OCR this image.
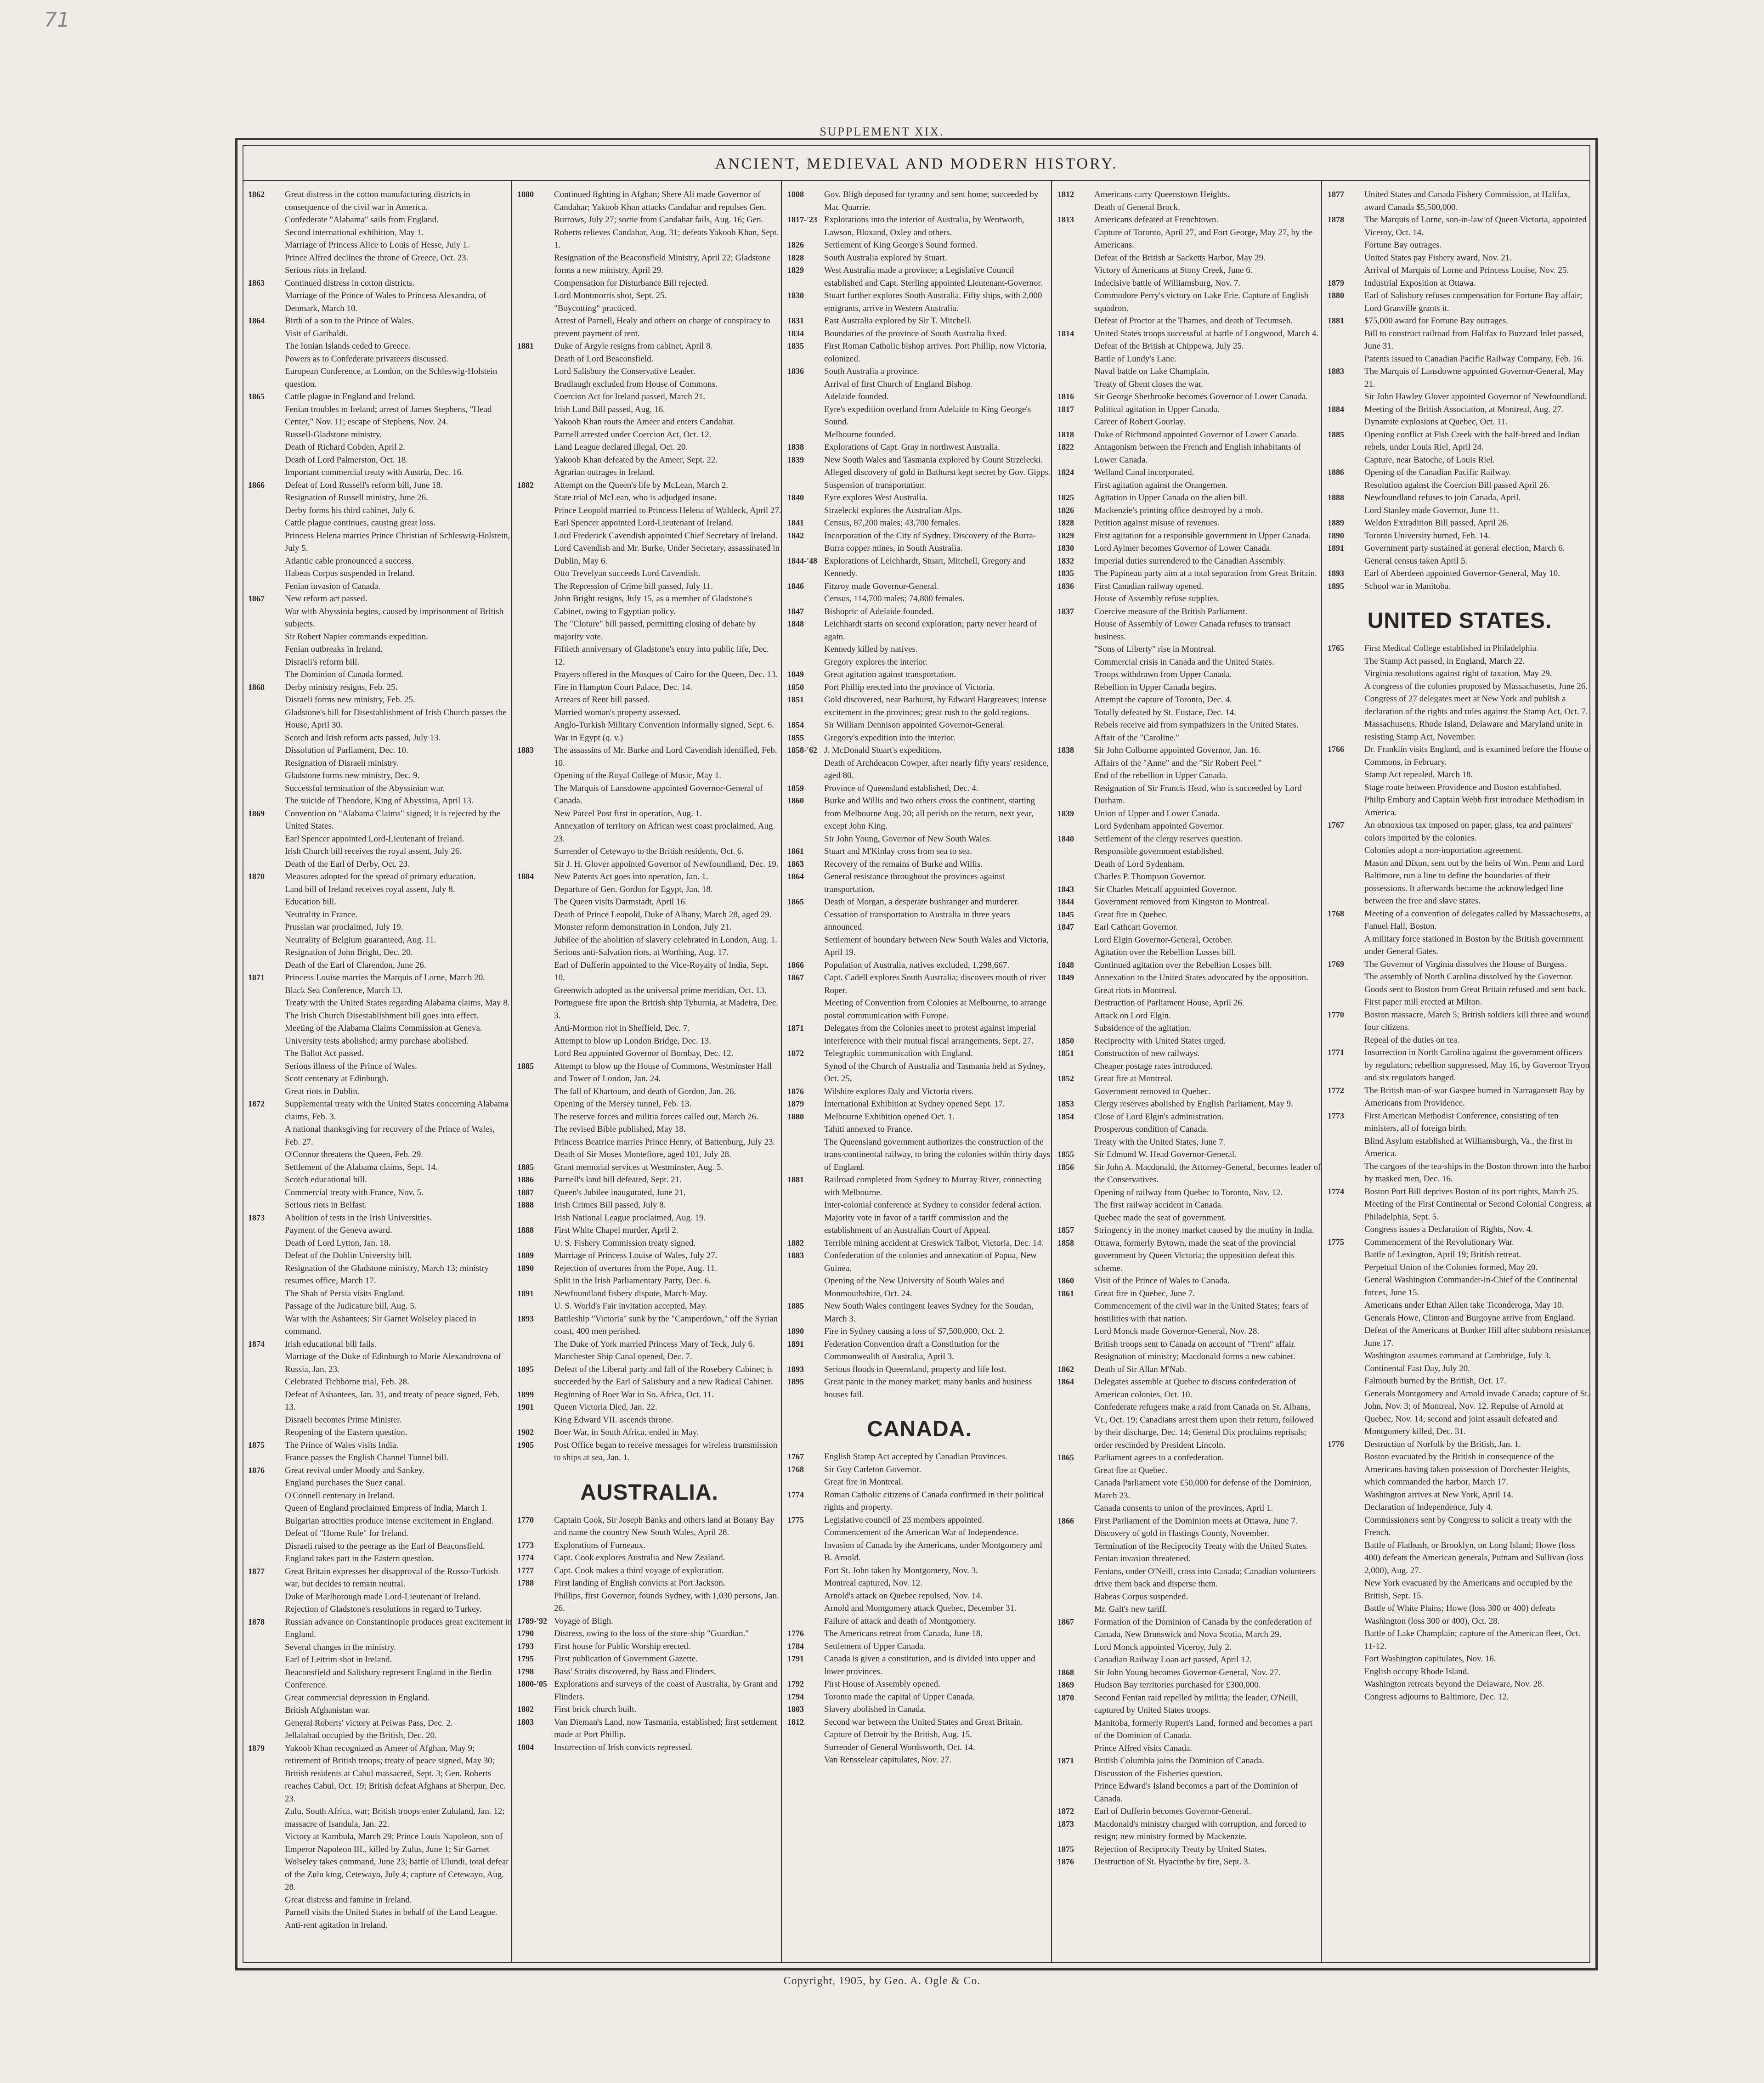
71
SUPPLEMENT XIX.
ANCIENT, MEDIEVAL AND MODERN HISTORY.
1862	Great distress in the cotton manufacturing districts in consequence of the civil war in America.
Confederate "Alabama" sails from England.
Second international exhibition, May 1.
Marriage of Princess Alice to Louis of Hesse, July 1.
Prince Alfred declines the throne of Greece, Oct. 23.
Serious riots in Ireland.
1863	Continued distress in cotton districts.
Marriage of the Prince of Wales to Princess Alexandra, of Denmark, March 10.
1864	Birth of a son to the Prince of Wales.
Visit of Garibaldi.
The Ionian Islands ceded to Greece.
Powers as to Confederate privateers discussed.
European Conference, at London, on the Schleswig-Holstein question.
1865	Cattle plague in England and Ireland.
Fenian troubles in Ireland; arrest of James Stephens, "Head Center," Nov. 11; escape of Stephens, Nov. 24.
Russell-Gladstone ministry.
Death of Richard Cobden, April 2.
Death of Lord Palmerston, Oct. 18.
Important commercial treaty with Austria, Dec. 16.
1866	Defeat of Lord Russell's reform bill, June 18.
Resignation of Russell ministry, June 26.
Derby forms his third cabinet, July 6.
Cattle plague continues, causing great loss.
Princess Helena marries Prince Christian of Schleswig-Holstein, July 5.
Atlantic cable pronounced a success.
Habeas Corpus suspended in Ireland.
Fenian invasion of Canada.
1867	New reform act passed.
War with Abyssinia begins, caused by imprisonment of British subjects.
Sir Robert Napier commands expedition.
Fenian outbreaks in Ireland.
Disraeli's reform bill.
The Dominion of Canada formed.
1868	Derby ministry resigns, Feb. 25.
Disraeli forms new ministry, Feb. 25.
Gladstone's bill for Disestablishment of Irish Church passes the House, April 30.
Scotch and Irish reform acts passed, July 13.
Dissolution of Parliament, Dec. 10.
Resignation of Disraeli ministry.
Gladstone forms new ministry, Dec. 9.
Successful termination of the Abyssinian war.
The suicide of Theodore, King of Abyssinia, April 13.
1869	Convention on "Alabama Claims" signed; it is rejected by the United States.
Earl Spencer appointed Lord-Lieutenant of Ireland.
Irish Church bill receives the royal assent, July 26.
Death of the Earl of Derby, Oct. 23.
1870	Measures adopted for the spread of primary education.
Land bill of Ireland receives royal assent, July 8.
Education bill.
Neutrality in France.
Prussian war proclaimed, July 19.
Neutrality of Belgium guaranteed, Aug. 11.
Resignation of John Bright, Dec. 20.
Death of the Earl of Clarendon, June 26.
1871	Princess Louise marries the Marquis of Lorne, March 20.
Black Sea Conference, March 13.
Treaty with the United States regarding Alabama claims, May 8.
The Irish Church Disestablishment bill goes into effect.
Meeting of the Alabama Claims Commission at Geneva.
University tests abolished; army purchase abolished.
The Ballot Act passed.
Serious illness of the Prince of Wales.
Scott centenary at Edinburgh.
Great riots in Dublin.
1872	Supplemental treaty with the United States concerning Alabama claims, Feb. 3.
A national thanksgiving for recovery of the Prince of Wales, Feb. 27.
O'Connor threatens the Queen, Feb. 29.
Settlement of the Alabama claims, Sept. 14.
Scotch educational bill.
Commercial treaty with France, Nov. 5.
Serious riots in Belfast.
1873	Abolition of tests in the Irish Universities.
Payment of the Geneva award.
Death of Lord Lytton, Jan. 18.
Defeat of the Dublin University bill.
Resignation of the Gladstone ministry, March 13; ministry resumes office, March 17.
The Shah of Persia visits England.
Passage of the Judicature bill, Aug. 5.
War with the Ashantees; Sir Garnet Wolseley placed in command.
1874	Irish educational bill fails.
Marriage of the Duke of Edinburgh to Marie Alexandrovna of Russia, Jan. 23.
Celebrated Tichborne trial, Feb. 28.
Defeat of Ashantees, Jan. 31, and treaty of peace signed, Feb. 13.
Disraeli becomes Prime Minister.
Reopening of the Eastern question.
1875	The Prince of Wales visits India.
France passes the English Channel Tunnel bill.
1876	Great revival under Moody and Sankey.
England purchases the Suez canal.
O'Connell centenary in Ireland.
Queen of England proclaimed Empress of India, March 1.
Bulgarian atrocities produce intense excitement in England.
Defeat of "Home Rule" for Ireland.
Disraeli raised to the peerage as the Earl of Beaconsfield.
England takes part in the Eastern question.
1877	Great Britain expresses her disapproval of the Russo-Turkish war, but decides to remain neutral.
Duke of Marlborough made Lord-Lieutenant of Ireland.
Rejection of Gladstone's resolutions in regard to Turkey.
1878	Russian advance on Constantinople produces great excitement in England.
Several changes in the ministry.
Earl of Leitrim shot in Ireland.
Beaconsfield and Salisbury represent England in the Berlin Conference.
Great commercial depression in England.
British Afghanistan war.
General Roberts' victory at Peiwas Pass, Dec. 2.
Jellalabad occupied by the British, Dec. 20.
1879	Yakoob Khan recognized as Ameer of Afghan, May 9; retirement of British troops; treaty of peace signed, May 30; British residents at Cabul massacred, Sept. 3; Gen. Roberts reaches Cabul, Oct. 19; British defeat Afghans at Sherpur, Dec. 23.
Zulu, South Africa, war; British troops enter Zululand, Jan. 12; massacre of Isandula, Jan. 22.
Victory at Kambula, March 29; Prince Louis Napoleon, son of Emperor Napoleon III., killed by Zulus, June 1; Sir Garnet Wolseley takes command, June 23; battle of Ulundi, total defeat of the Zulu king, Cetewayo, July 4; capture of Cetewayo, Aug. 28.
Great distress and famine in Ireland.
Parnell visits the United States in behalf of the Land League.
Anti-rent agitation in Ireland.
1880	Continued fighting in Afghan; Shere Ali made Governor of Candahar; Yakoob Khan attacks Candahar and repulses Gen. Burrows, July 27; sortie from Candahar fails, Aug. 16; Gen. Roberts relieves Candahar, Aug. 31; defeats Yakoob Khan, Sept. 1.
Resignation of the Beaconsfield Ministry, April 22; Gladstone forms a new ministry, April 29.
Compensation for Disturbance Bill rejected.
Lord Montmorris shot, Sept. 25.
"Boycotting" practiced.
Arrest of Parnell, Healy and others on charge of conspiracy to prevent payment of rent.
1881	Duke of Argyle resigns from cabinet, April 8.
Death of Lord Beaconsfield.
Lord Salisbury the Conservative Leader.
Bradlaugh excluded from House of Commons.
Coercion Act for Ireland passed, March 21.
Irish Land Bill passed, Aug. 16.
Yakoob Khan routs the Ameer and enters Candahar.
Parnell arrested under Coercion Act, Oct. 12.
Land League declared illegal, Oct. 20.
Yakoob Khan defeated by the Ameer, Sept. 22.
Agrarian outrages in Ireland.
1882	Attempt on the Queen's life by McLean, March 2.
State trial of McLean, who is adjudged insane.
Prince Leopold married to Princess Helena of Waldeck, April 27.
Earl Spencer appointed Lord-Lieutenant of Ireland.
Lord Frederick Cavendish appointed Chief Secretary of Ireland.
Lord Cavendish and Mr. Burke, Under Secretary, assassinated in Dublin, May 6.
Otto Trevelyan succeeds Lord Cavendish.
The Repression of Crime bill passed, July 11.
John Bright resigns, July 15, as a member of Gladstone's Cabinet, owing to Egyptian policy.
The "Cloture" bill passed, permitting closing of debate by majority vote.
Fiftieth anniversary of Gladstone's entry into public life, Dec. 12.
Prayers offered in the Mosques of Cairo for the Queen, Dec. 13.
Fire in Hampton Court Palace, Dec. 14.
Arrears of Rent bill passed.
Married woman's property assessed.
Anglo-Turkish Military Convention informally signed, Sept. 6.
War in Egypt (q. v.)
1883	The assassins of Mr. Burke and Lord Cavendish identified, Feb. 10.
Opening of the Royal College of Music, May 1.
The Marquis of Lansdowne appointed Governor-General of Canada.
New Parcel Post first in operation, Aug. 1.
Annexation of territory on African west coast proclaimed, Aug. 23.
Surrender of Cetewayo to the British residents, Oct. 6.
Sir J. H. Glover appointed Governor of Newfoundland, Dec. 19.
1884	New Patents Act goes into operation, Jan. 1.
Departure of Gen. Gordon for Egypt, Jan. 18.
The Queen visits Darmstadt, April 16.
Death of Prince Leopold, Duke of Albany, March 28, aged 29.
Monster reform demonstration in London, July 21.
Jubilee of the abolition of slavery celebrated in London, Aug. 1.
Serious anti-Salvation riots, at Worthing, Aug. 17.
Earl of Dufferin appointed to the Vice-Royalty of India, Sept. 10.
Greenwich adopted as the universal prime meridian, Oct. 13.
Portuguese fire upon the British ship Tyburnia, at Madeira, Dec. 3.
Anti-Mormon riot in Sheffield, Dec. 7.
Attempt to blow up London Bridge, Dec. 13.
Lord Rea appointed Governor of Bombay, Dec. 12.
1885	Attempt to blow up the House of Commons, Westminster Hall and Tower of London, Jan. 24.
The fall of Khartoum, and death of Gordon, Jan. 26.
Opening of the Mersey tunnel, Feb. 13.
The reserve forces and militia forces called out, March 26.
The revised Bible published, May 18.
Princess Beatrice marries Prince Henry, of Battenburg, July 23.
Death of Sir Moses Montefiore, aged 101, July 28.
1885	Grant memorial services at Westminster, Aug. 5.
1886	Parnell's land bill defeated, Sept. 21.
1887	Queen's Jubilee inaugurated, June 21.
1888	Irish Crimes Bill passed, July 8.
Irish National League proclaimed, Aug. 19.
1888	First White Chapel murder, April 2.
U. S. Fishery Commission treaty signed.
1889	Marriage of Princess Louise of Wales, July 27.
1890	Rejection of overtures from the Pope, Aug. 11.
Split in the Irish Parliamentary Party, Dec. 6.
1891	Newfoundland fishery dispute, March-May.
U. S. World's Fair invitation accepted, May.
1893	Battleship "Victoria" sunk by the "Camperdown," off the Syrian coast, 400 men perished.
The Duke of York married Princess Mary of Teck, July 6.
Manchester Ship Canal opened, Dec. 7.
1895	Defeat of the Liberal party and fall of the Rosebery Cabinet; is succeeded by the Earl of Salisbury and a new Radical Cabinet.
1899	Beginning of Boer War in So. Africa, Oct. 11.
1901	Queen Victoria Died, Jan. 22.
King Edward VII. ascends throne.
1902	Boer War, in South Africa, ended in May.
1905	Post Office began to receive messages for wireless transmission to ships at sea, Jan. 1.
AUSTRALIA.
1770	Captain Cook, Sir Joseph Banks and others land at Botany Bay and name the country New South Wales, April 28.
1773	Explorations of Furneaux.
1774	Capt. Cook explores Australia and New Zealand.
1777	Capt. Cook makes a third voyage of exploration.
1788	First landing of English convicts at Port Jackson.
Phillips, first Governor, founds Sydney, with 1,030 persons, Jan. 26.
1789-'92 Voyage of Bligh.
1790	Distress, owing to the loss of the store-ship "Guardian."
1793	First house for Public Worship erected.
1795	First publication of Government Gazette.
1798	Bass' Straits discovered, by Bass and Flinders.
1800-'05 Explorations and surveys of the coast of Australia, by Grant and Flinders.
1802	First brick church built.
1803	Van Dieman's Land, now Tasmania, established; first settlement made at Port Phillip.
1804	Insurrection of Irish convicts repressed.
1808	Gov. Bligh deposed for tyranny and sent home; succeeded by Mac Quarrie.
1817-'23 Explorations into the interior of Australia, by Wentworth, Lawson, Bloxand, Oxley and others.
1826	Settlement of King George's Sound formed.
1828	South Australia explored by Stuart.
1829	West Australia made a province; a Legislative Council established and Capt. Sterling appointed Lieutenant-Governor.
1830	Stuart further explores South Australia. Fifty ships, with 2,000 emigrants, arrive in Western Australia.
1831	East Australia explored by Sir T. Mitchell.
1834	Boundaries of the province of South Australia fixed.
1835	First Roman Catholic bishop arrives. Port Phillip, now Victoria, colonized.
1836	South Australia a province.
Arrival of first Church of England Bishop.
Adelaide founded.
Eyre's expedition overland from Adelaide to King George's Sound.
Melbourne founded.
1838	Explorations of Capt. Gray in northwest Australia.
1839	New South Wales and Tasmania explored by Count Strzelecki.
Alleged discovery of gold in Bathurst kept secret by Gov. Gipps.
Suspension of transportation.
1840	Eyre explores West Australia.
Strzelecki explores the Australian Alps.
1841	Census, 87,200 males; 43,700 females.
1842	Incorporation of the City of Sydney. Discovery of the Burra-Burra copper mines, in South Australia.
1844-'48 Explorations of Leichhardt, Stuart, Mitchell, Gregory and Kennedy.
1846	Fitzroy made Governor-General.
Census, 114,700 males; 74,800 females.
1847	Bishopric of Adelaide founded.
1848	Leichhardt starts on second exploration; party never heard of again.
Kennedy killed by natives.
Gregory explores the interior.
1849	Great agitation against transportation.
1850	Port Phillip erected into the province of Victoria.
1851	Gold discovered, near Bathurst, by Edward Hargreaves; intense excitement in the provinces; great rush to the gold regions.
1854	Sir William Dennison appointed Governor-General.
1855	Gregory's expedition into the interior.
1858-'62 J. McDonald Stuart's expeditions.
Death of Archdeacon Cowper, after nearly fifty years' residence, aged 80.
1859	Province of Queensland established, Dec. 4.
1860	Burke and Willis and two others cross the continent, starting from Melbourne Aug. 20; all perish on the return, next year, except John King.
Sir John Young, Governor of New South Wales.
1861	Stuart and M'Kinlay cross from sea to sea.
1863	Recovery of the remains of Burke and Willis.
1864	General resistance throughout the provinces against transportation.
1865	Death of Morgan, a desperate bushranger and murderer.
Cessation of transportation to Australia in three years announced.
Settlement of boundary between New South Wales and Victoria, April 19.
1866	Population of Australia, natives excluded, 1,298,667.
1867	Capt. Cadell explores South Australia; discovers mouth of river Roper.
Meeting of Convention from Colonies at Melbourne, to arrange postal communication with Europe.
1871	Delegates from the Colonies meet to protest against imperial interference with their mutual fiscal arrangements, Sept. 27.
1872	Telegraphic communication with England.
Synod of the Church of Australia and Tasmania held at Sydney, Oct. 25.
1876	Wilshire explores Daly and Victoria rivers.
1879	International Exhibition at Sydney opened Sept. 17.
1880	Melbourne Exhibition opened Oct. 1.
Tahiti annexed to France.
The Queensland government authorizes the construction of the trans-continental railway, to bring the colonies within thirty days of England.
1881	Railroad completed from Sydney to Murray River, connecting with Melbourne.
Inter-colonial conference at Sydney to consider federal action.
Majority vote in favor of a tariff commission and the establishment of an Australian Court of Appeal.
1882	Terrible mining accident at Creswick Talbot, Victoria, Dec. 14.
1883	Confederation of the colonies and annexation of Papua, New Guinea.
Opening of the New University of South Wales and Monmouthshire, Oct. 24.
1885	New South Wales contingent leaves Sydney for the Soudan, March 3.
1890	Fire in Sydney causing a loss of $7,500,000, Oct. 2.
1891	Federation Convention draft a Constitution for the Commonwealth of Australia, April 3.
1893	Serious floods in Queensland, property and life lost.
1895	Great panic in the money market; many banks and business houses fail.
CANADA.
1767	English Stamp Act accepted by Canadian Provinces.
1768	Sir Guy Carleton Governor.
Great fire in Montreal.
1774	Roman Catholic citizens of Canada confirmed in their political rights and property.
1775	Legislative council of 23 members appointed.
Commencement of the American War of Independence.
Invasion of Canada by the Americans, under Montgomery and B. Arnold.
Fort St. John taken by Montgomery, Nov. 3.
Montreal captured, Nov. 12.
Arnold's attack on Quebec repulsed, Nov. 14.
Arnold and Montgomery attack Quebec, December 31.
Failure of attack and death of Montgomery.
1776	The Americans retreat from Canada, June 18.
1784	Settlement of Upper Canada.
1791	Canada is given a constitution, and is divided into upper and lower provinces.
1792	First House of Assembly opened.
1794	Toronto made the capital of Upper Canada.
1803	Slavery abolished in Canada.
1812	Second war between the United States and Great Britain.
Capture of Detroit by the British, Aug. 15.
Surrender of General Wordsworth, Oct. 14.
Van Rensselear capitulates, Nov. 27.
1812	Americans carry Queenstown Heights.
Death of General Brock.
1813	Americans defeated at Frenchtown.
Capture of Toronto, April 27, and Fort George, May 27, by the Americans.
Defeat of the British at Sacketts Harbor, May 29.
Victory of Americans at Stony Creek, June 6.
Indecisive battle of Williamsburg, Nov. 7.
Commodore Perry's victory on Lake Erie. Capture of English squadron.
Defeat of Proctor at the Thames, and death of Tecumseh.
1814	United States troops successful at battle of Longwood, March 4.
Defeat of the British at Chippewa, July 25.
Battle of Lundy's Lane.
Naval battle on Lake Champlain.
Treaty of Ghent closes the war.
1816	Sir George Sherbrooke becomes Governor of Lower Canada.
1817	Political agitation in Upper Canada.
Career of Robert Gourlay.
1818	Duke of Richmond appointed Governor of Lower Canada.
1822	Antagonism between the French and English inhabitants of Lower Canada.
1824	Welland Canal incorporated.
First agitation against the Orangemen.
1825	Agitation in Upper Canada on the alien bill.
1826	Mackenzie's printing office destroyed by a mob.
1828	Petition against misuse of revenues.
1829	First agitation for a responsible government in Upper Canada.
1830	Lord Aylmer becomes Governor of Lower Canada.
1832	Imperial duties surrendered to the Canadian Assembly.
1835	The Papineau party aim at a total separation from Great Britain.
1836	First Canadian railway opened.
House of Assembly refuse supplies.
1837	Coercive measure of the British Parliament.
House of Assembly of Lower Canada refuses to transact business.
"Sons of Liberty" rise in Montreal.
Commercial crisis in Canada and the United States.
Troops withdrawn from Upper Canada.
Rebellion in Upper Canada begins.
Attempt the capture of Toronto, Dec. 4.
Totally defeated by St. Eustace, Dec. 14.
Rebels receive aid from sympathizers in the United States.
Affair of the "Caroline."
1838	Sir John Colborne appointed Governor, Jan. 16.
Affairs of the "Anne" and the "Sir Robert Peel."
End of the rebellion in Upper Canada.
Resignation of Sir Francis Head, who is succeeded by Lord Durham.
1839	Union of Upper and Lower Canada.
Lord Sydenham appointed Governor.
1840	Settlement of the clergy reserves question.
Responsible government established.
Death of Lord Sydenham.
Charles P. Thompson Governor.
1843	Sir Charles Metcalf appointed Governor.
1844	Government removed from Kingston to Montreal.
1845	Great fire in Quebec.
1847	Earl Cathcart Governor.
Lord Elgin Governor-General, October.
Agitation over the Rebellion Losses bill.
1848	Continued agitation over the Rebellion Losses bill.
1849	Annexation to the United States advocated by the opposition.
Great riots in Montreal.
Destruction of Parliament House, April 26.
Attack on Lord Elgin.
Subsidence of the agitation.
1850	Reciprocity with United States urged.
1851	Construction of new railways.
Cheaper postage rates introduced.
1852	Great fire at Montreal.
Government removed to Quebec.
1853	Clergy reserves abolished by English Parliament, May 9.
1854	Close of Lord Elgin's administration.
Prosperous condition of Canada.
Treaty with the United States, June 7.
1855	Sir Edmund W. Head Governor-General.
1856	Sir John A. Macdonald, the Attorney-General, becomes leader of the Conservatives.
Opening of railway from Quebec to Toronto, Nov. 12.
The first railway accident in Canada.
Quebec made the seat of government.
1857	Stringency in the money market caused by the mutiny in India.
1858	Ottawa, formerly Bytown, made the seat of the provincial government by Queen Victoria; the opposition defeat this scheme.
1860	Visit of the Prince of Wales to Canada.
1861	Great fire in Quebec, June 7.
Commencement of the civil war in the United States; fears of hostilities with that nation.
Lord Monck made Governor-General, Nov. 28.
British troops sent to Canada on account of "Trent" affair.
Resignation of ministry; Macdonald forms a new cabinet.
1862	Death of Sir Allan M'Nab.
1864	Delegates assemble at Quebec to discuss confederation of American colonies, Oct. 10.
Confederate refugees make a raid from Canada on St. Albans, Vt., Oct. 19; Canadians arrest them upon their return, followed by their discharge, Dec. 14; General Dix proclaims reprisals; order rescinded by President Lincoln.
1865	Parliament agrees to a confederation.
Great fire at Quebec.
Canada Parliament vote £50,000 for defense of the Dominion, March 23.
Canada consents to union of the provinces, April 1.
1866	First Parliament of the Dominion meets at Ottawa, June 7.
Discovery of gold in Hastings County, November.
Termination of the Reciprocity Treaty with the United States.
Fenian invasion threatened.
Fenians, under O'Neill, cross into Canada; Canadian volunteers drive them back and disperse them.
Habeas Corpus suspended.
Mr. Galt's new tariff.
1867	Formation of the Dominion of Canada by the confederation of Canada, New Brunswick and Nova Scotia, March 29.
Lord Monck appointed Viceroy, July 2.
Canadian Railway Loan act passed, April 12.
1868	Sir John Young becomes Governor-General, Nov. 27.
1869	Hudson Bay territories purchased for £300,000.
1870	Second Fenian raid repelled by militia; the leader, O'Neill, captured by United States troops.
Manitoba, formerly Rupert's Land, formed and becomes a part of the Dominion of Canada.
Prince Alfred visits Canada.
1871	British Columbia joins the Dominion of Canada.
Discussion of the Fisheries question.
Prince Edward's Island becomes a part of the Dominion of Canada.
1872	Earl of Dufferin becomes Governor-General.
1873	Macdonald's ministry charged with corruption, and forced to resign; new ministry formed by Mackenzie.
1875	Rejection of Reciprocity Treaty by United States.
1876	Destruction of St. Hyacinthe by fire, Sept. 3.
1877	United States and Canada Fishery Commission, at Halifax, award Canada $5,500,000.
1878	The Marquis of Lorne, son-in-law of Queen Victoria, appointed Viceroy, Oct. 14.
Fortune Bay outrages.
United States pay Fishery award, Nov. 21.
Arrival of Marquis of Lorne and Princess Louise, Nov. 25.
1879	Industrial Exposition at Ottawa.
1880	Earl of Salisbury refuses compensation for Fortune Bay affair; Lord Granville grants it.
1881	$75,000 award for Fortune Bay outrages.
Bill to construct railroad from Halifax to Buzzard Inlet passed, June 31.
Patents issued to Canadian Pacific Railway Company, Feb. 16.
1883	The Marquis of Lansdowne appointed Governor-General, May 21.
Sir John Hawley Glover appointed Governor of Newfoundland.
1884	Meeting of the British Association, at Montreal, Aug. 27.
Dynamite explosions at Quebec, Oct. 11.
1885	Opening conflict at Fish Creek with the half-breed and Indian rebels, under Louis Riel, April 24.
Capture, near Batoche, of Louis Riel.
1886	Opening of the Canadian Pacific Railway.
Resolution against the Coercion Bill passed April 26.
1888	Newfoundland refuses to join Canada, April.
Lord Stanley made Governor, June 11.
1889	Weldon Extradition Bill passed, April 26.
1890	Toronto University burned, Feb. 14.
1891	Government party sustained at general election, March 6.
General census taken April 5.
1893	Earl of Aberdeen appointed Governor-General, May 10.
1895	School war in Manitoba.
UNITED STATES.
1765	First Medical College established in Philadelphia.
The Stamp Act passed, in England, March 22.
Virginia resolutions against right of taxation, May 29.
A congress of the colonies proposed by Massachusetts, June 26.
Congress of 27 delegates meet at New York and publish a declaration of the rights and rules against the Stamp Act, Oct. 7.
Massachusetts, Rhode Island, Delaware and Maryland unite in resisting Stamp Act, November.
1766	Dr. Franklin visits England, and is examined before the House of Commons, in February.
Stamp Act repealed, March 18.
Stage route between Providence and Boston established.
Philip Embury and Captain Webb first introduce Methodism in America.
1767	An obnoxious tax imposed on paper, glass, tea and painters' colors imported by the colonies.
Colonies adopt a non-importation agreement.
Mason and Dixon, sent out by the heirs of Wm. Penn and Lord Baltimore, run a line to define the boundaries of their possessions. It afterwards became the acknowledged line between the free and slave states.
1768	Meeting of a convention of delegates called by Massachusetts, at Fanuel Hall, Boston.
A military force stationed in Boston by the British government under General Gates.
1769	The Governor of Virginia dissolves the House of Burgess.
The assembly of North Carolina dissolved by the Governor.
Goods sent to Boston from Great Britain refused and sent back.
First paper mill erected at Milton.
1770	Boston massacre, March 5; British soldiers kill three and wound four citizens.
Repeal of the duties on tea.
1771	Insurrection in North Carolina against the government officers by regulators; rebellion suppressed, May 16, by Governor Tryon and six regulators hanged.
1772	The British man-of-war Gaspee burned in Narragansett Bay by Americans from Providence.
1773	First American Methodist Conference, consisting of ten ministers, all of foreign birth.
Blind Asylum established at Williamsburgh, Va., the first in America.
The cargoes of the tea-ships in the Boston thrown into the harbor by masked men, Dec. 16.
1774	Boston Port Bill deprives Boston of its port rights, March 25.
Meeting of the First Continental or Second Colonial Congress, at Philadelphia, Sept. 5.
Congress issues a Declaration of Rights, Nov. 4.
1775	Commencement of the Revolutionary War.
Battle of Lexington, April 19; British retreat.
Perpetual Union of the Colonies formed, May 20.
General Washington Commander-in-Chief of the Continental forces, June 15.
Americans under Ethan Allen take Ticonderoga, May 10.
Generals Howe, Clinton and Burgoyne arrive from England.
Defeat of the Americans at Bunker Hill after stubborn resistance, June 17.
Washington assumes command at Cambridge, July 3.
Continental Fast Day, July 20.
Falmouth burned by the British, Oct. 17.
Generals Montgomery and Arnold invade Canada; capture of St. John, Nov. 3; of Montreal, Nov. 12. Repulse of Arnold at Quebec, Nov. 14; second and joint assault defeated and Montgomery killed, Dec. 31.
1776	Destruction of Norfolk by the British, Jan. 1.
Boston evacuated by the British in consequence of the Americans having taken possession of Dorchester Heights, which commanded the harbor, March 17.
Washington arrives at New York, April 14.
Declaration of Independence, July 4.
Commissioners sent by Congress to solicit a treaty with the French.
Battle of Flatbush, or Brooklyn, on Long Island; Howe (loss 400) defeats the American generals, Putnam and Sullivan (loss 2,000), Aug. 27.
New York evacuated by the Americans and occupied by the British, Sept. 15.
Battle of White Plains; Howe (loss 300 or 400) defeats Washington (loss 300 or 400), Oct. 28.
Battle of Lake Champlain; capture of the American fleet, Oct. 11-12.
Fort Washington capitulates, Nov. 16.
English occupy Rhode Island.
Washington retreats beyond the Delaware, Nov. 28.
Congress adjourns to Baltimore, Dec. 12.
Copyright, 1905, by Geo. A. Ogle & Co.
